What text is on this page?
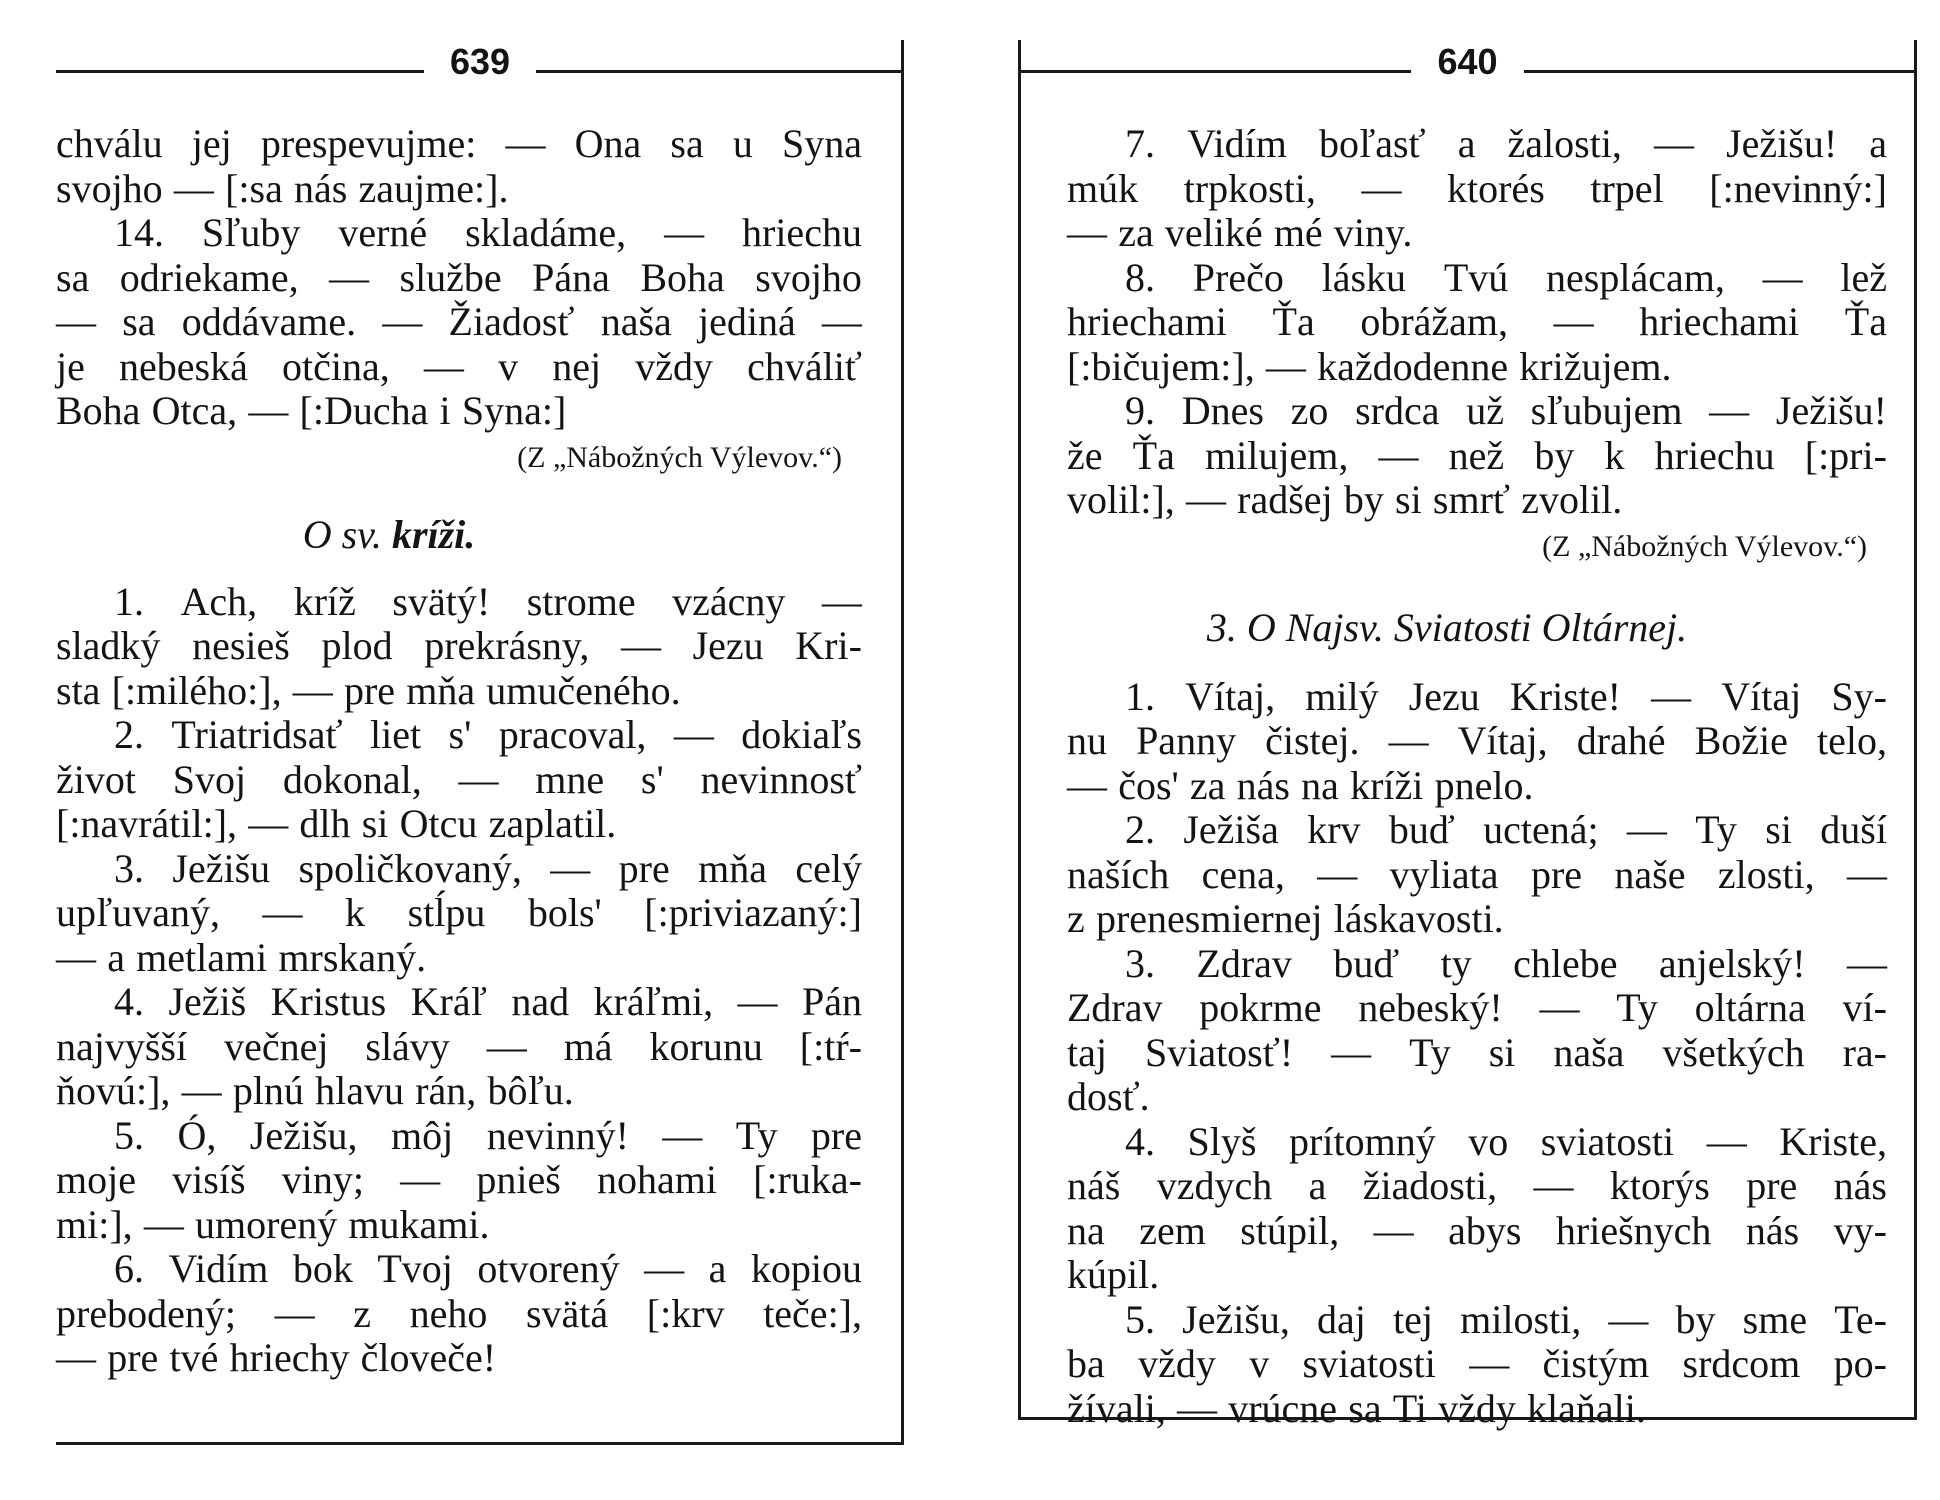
639
chválu jej prespevujme: — Ona sa u Syna
svojho — [:sa nás zaujme:].
14. Sľuby verné skladáme, — hriechu
sa odriekame, — službe Pána Boha svojho
— sa oddávame. — Žiadosť naša jediná —
je nebeská otčina, — v nej vždy chváliť
Boha Otca, — [:Ducha i Syna:]
(Z „Nábožných Výlevov.“)
O sv. kríži.
1. Ach, kríž svätý! strome vzácny —
sladký nesieš plod prekrásny, — Jezu Kri-
sta [:milého:], — pre mňa umučeného.
2. Triatridsať liet s' pracoval, — dokiaľs
život Svoj dokonal, — mne s' nevinnosť
[:navrátil:], — dlh si Otcu zaplatil.
3. Ježišu spoličkovaný, — pre mňa celý
upľuvaný, — k stĺpu bols' [:priviazaný:]
— a metlami mrskaný.
4. Ježiš Kristus Kráľ nad kráľmi, — Pán
najvyšší večnej slávy — má korunu [:tŕ-
ňovú:], — plnú hlavu rán, bôľu.
5. Ó, Ježišu, môj nevinný! — Ty pre
moje visíš viny; — pnieš nohami [:ruka-
mi:], — umorený mukami.
6. Vidím bok Tvoj otvorený — a kopiou
prebodený; — z neho svätá [:krv teče:],
— pre tvé hriechy človeče!
640
7. Vidím boľasť a žalosti, — Ježišu! a
múk trpkosti, — ktorés trpel [:nevinný:]
— za veliké mé viny.
8. Prečo lásku Tvú nesplácam, — lež
hriechami Ťa obrážam, — hriechami Ťa
[:bičujem:], — každodenne križujem.
9. Dnes zo srdca už sľubujem — Ježišu!
že Ťa milujem, — než by k hriechu [:pri-
volil:], — radšej by si smrť zvolil.
(Z „Nábožných Výlevov.“)
3. O Najsv. Sviatosti Oltárnej.
1. Vítaj, milý Jezu Kriste! — Vítaj Sy-
nu Panny čistej. — Vítaj, drahé Božie telo,
— čos' za nás na kríži pnelo.
2. Ježiša krv buď uctená; — Ty si duší
naších cena, — vyliata pre naše zlosti, —
z prenesmiernej láskavosti.
3. Zdrav buď ty chlebe anjelský! —
Zdrav pokrme nebeský! — Ty oltárna ví-
taj Sviatosť! — Ty si naša všetkých ra-
dosť.
4. Slyš prítomný vo sviatosti — Kriste,
náš vzdych a žiadosti, — ktorýs pre nás
na zem stúpil, — abys hriešnych nás vy-
kúpil.
5. Ježišu, daj tej milosti, — by sme Te-
ba vždy v sviatosti — čistým srdcom po-
žívali, — vrúcne sa Ti vždy klaňali.
